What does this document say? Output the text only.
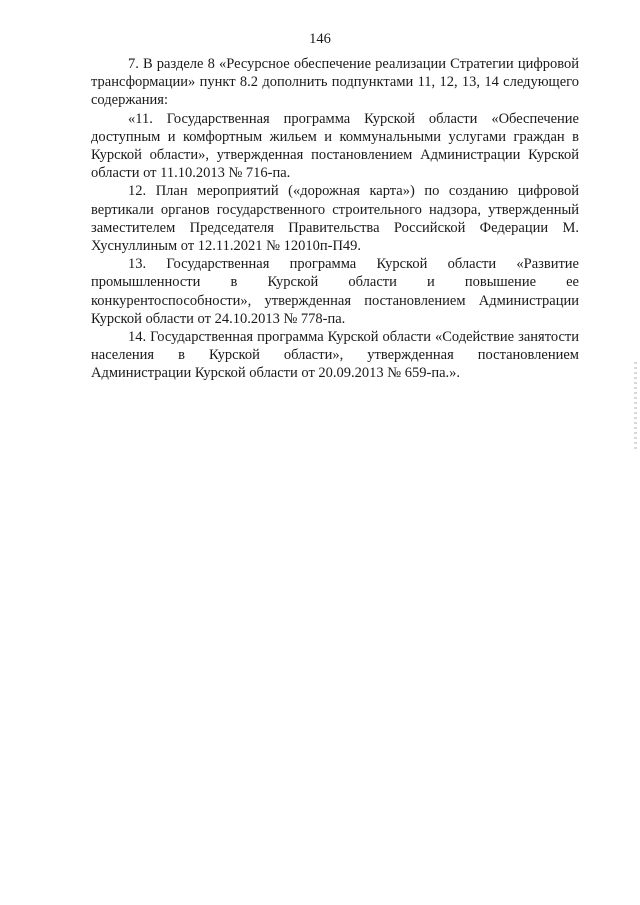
146

7. В разделе 8 «Ресурсное обеспечение реализации Стратегии цифровой трансформации» пункт 8.2 дополнить подпунктами 11, 12, 13, 14 следующего содержания:

«11. Государственная программа Курской области «Обеспечение доступным и комфортным жильем и коммунальными услугами граждан в Курской области», утвержденная постановлением Администрации Курской области от 11.10.2013 № 716-па.

12. План мероприятий («дорожная карта») по созданию цифровой вертикали органов государственного строительного надзора, утвержденный заместителем Председателя Правительства Российской Федерации М. Хуснуллиным от 12.11.2021 № 12010п-П49.

13. Государственная программа Курской области «Развитие промышленности в Курской области и повышение ее конкурентоспособности», утвержденная постановлением Администрации Курской области от 24.10.2013 № 778-па.

14. Государственная программа Курской области «Содействие занятости населения в Курской области», утвержденная постановлением Администрации Курской области от 20.09.2013 № 659-па.».
